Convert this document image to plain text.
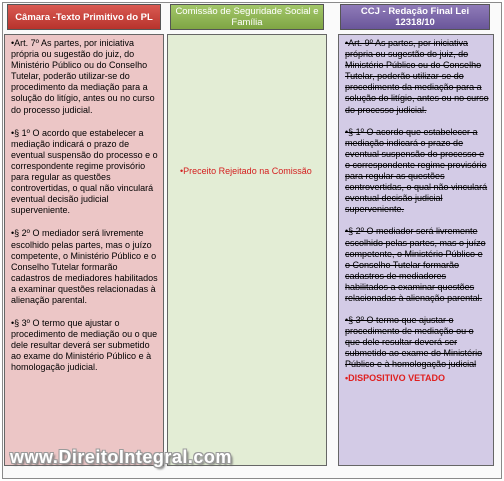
Câmara -Texto Primitivo do PL Comissão de Seguridade Social e Família
CCJ - Redação Final Lei 12318/10
•Art. 7º As partes, por iniciativa própria ou sugestão do juiz, do Ministério Público ou do Conselho Tutelar, poderão utilizar-se do procedimento da mediação para a solução do litígio, antes ou no curso do processo judicial.
•§ 1º O acordo que estabelecer a mediação indicará o prazo de eventual suspensão do processo e o correspondente regime provisório para regular as questões controvertidas, o qual não vinculará eventual decisão judicial superveniente.
•§ 2º O mediador será livremente escolhido pelas partes, mas o juízo competente, o Ministério Público e o Conselho Tutelar formarão cadastros de mediadores habilitados a examinar questões relacionadas à alienação parental.
•§ 3º O termo que ajustar o procedimento de mediação ou o que dele resultar deverá ser submetido ao exame do Ministério Público e à homologação judicial.
•Preceito Rejeitado na Comissão
•Art. 9º As partes, por iniciativa própria ou sugestão do juiz, do Ministério Público ou do Conselho Tutelar, poderão utilizar-se do procedimento da mediação para a solução do litígio, antes ou no curso do processo judicial.
•§ 1º O acordo que estabelecer a mediação indicará o prazo de eventual suspensão do processo e o correspondente regime provisório para regular as questões controvertidas, o qual não vinculará eventual decisão judicial superveniente.
•§ 2º O mediador será livremente escolhido pelas partes, mas o juízo competente, o Ministério Público e o Conselho Tutelar formarão cadastros de mediadores habilitados a examinar questões relacionadas à alienação parental.
•§ 3º O termo que ajustar o procedimento de mediação ou o que dele resultar deverá ser submetido ao exame do Ministério Público e à homologação judicial
•DISPOSITIVO VETADO
www.DireitoIntegral.com
